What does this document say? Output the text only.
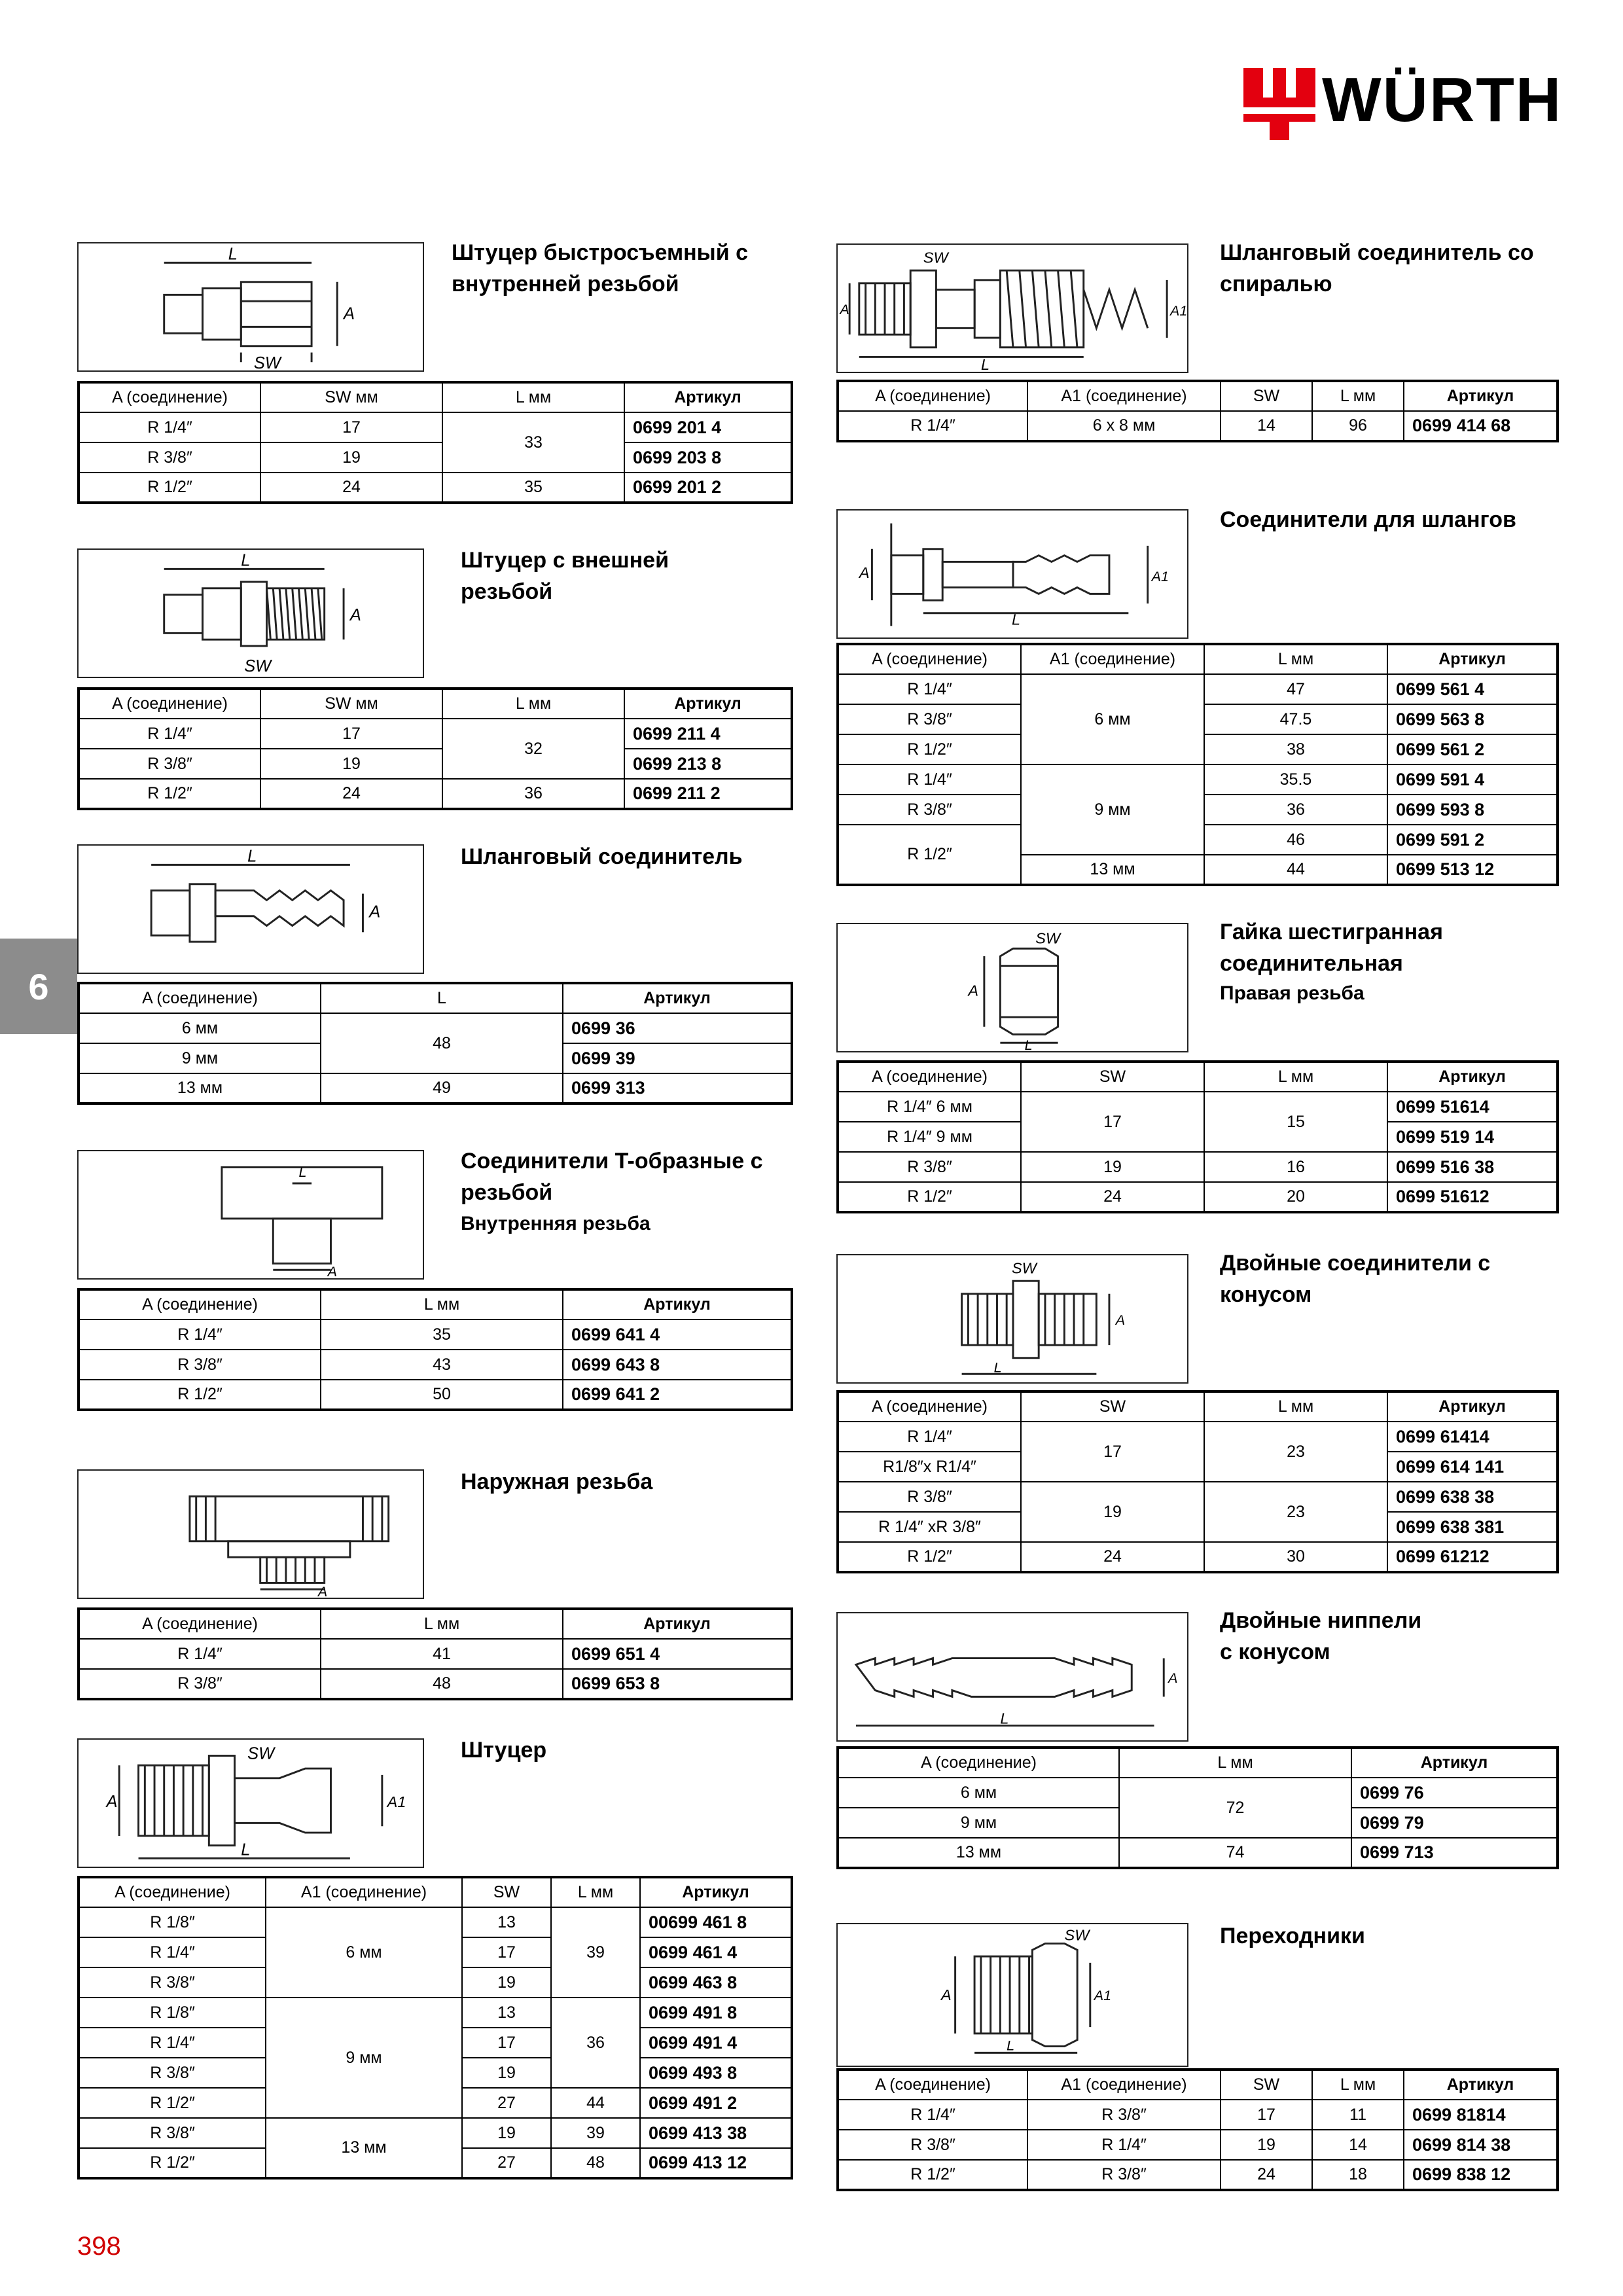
WÜRTH
6
L
A
SW
Штуцер быстросъемный с
внутренней резьбой
A (соединение)	SW мм	L мм	Артикул
R 1/4″	17	33	0699 201 4
R 3/8″	19		0699 203 8
R 1/2″	24	35	0699 201 2
L
A
SW
Штуцер с внешней
резьбой
A (соединение)	SW мм	L мм	Артикул
R 1/4″	17	32	0699 211 4
R 3/8″	19		0699 213 8
R 1/2″	24	36	0699 211 2
L
A
Шланговый соединитель
A (соединение)	L	Артикул
6 мм	48	0699 36
9 мм		0699 39
13 мм	49	0699 313
L
A
Соединители T-образные с
резьбой
Внутренняя резьба
A (соединение)	L мм	Артикул
R 1/4″	35	0699 641 4
R 3/8″	43	0699 643 8
R 1/2″	50	0699 641 2
A
Наружная резьба
A (соединение)	L мм	Артикул
R 1/4″	41	0699 651 4
R 3/8″	48	0699 653 8
A	A1
SW
L
Штуцер
A (соединение)	A1 (соединение)	SW	L мм	Артикул
R 1/8″	6 мм	13	39	00699 461 8
R 1/4″		17		0699 461 4
R 3/8″		19		0699 463 8
R 1/8″	9 мм	13	36	0699 491 8
R 1/4″		17		0699 491 4
R 3/8″		19		0699 493 8
R 1/2″		27	44	0699 491 2
R 3/8″	13 мм	19	39	0699 413 38
R 1/2″		27	48	0699 413 12
SW
L
A1
A
Шланговый соединитель со
спиралью
A (соединение)	A1 (соединение)	SW	L мм	Артикул
R 1/4″	6 x 8 мм	14	96	0699 414 68
A	A1
L
Соединители для шлангов
A (соединение)	A1 (соединение)	L мм	Артикул
R 1/4″	6 мм	47	0699 561 4
R 3/8″		47.5	0699 563 8
R 1/2″		38	0699 561 2
R 1/4″	9 мм	35.5	0699 591 4
R 3/8″		36	0699 593 8
R 1/2″		46	0699 591 2
	13 мм	44	0699 513 12
SW
A
L
Гайка шестигранная
соединительная
Правая резьба
A (соединение)	SW	L мм	Артикул
R 1/4″ 6 мм	17	15	0699 51614
R 1/4″ 9 мм			0699 519 14
R 3/8″	19	16	0699 516 38
R 1/2″	24	20	0699 51612
SW
A
L
Двойные соединители с
конусом
A (соединение)	SW	L мм	Артикул
R 1/4″	17	23	0699 61414
R1/8″x R1/4″			0699 614 141
R 3/8″	19	23	0699 638 38
R 1/4″ xR 3/8″			0699 638 381
R 1/2″	24	30	0699 61212
L
A
Двойные ниппели
с конусом
A (соединение)	L мм	Артикул
6 мм	72	0699 76
9 мм		0699 79
13 мм	74	0699 713
SW
A	A1
L
Переходники
A (соединение)	A1 (соединение)	SW	L мм	Артикул
R 1/4″	R 3/8″	17	11	0699 81814
R 3/8″	R 1/4″	19	14	0699 814 38
R 1/2″	R 3/8″	24	18	0699 838 12
398
